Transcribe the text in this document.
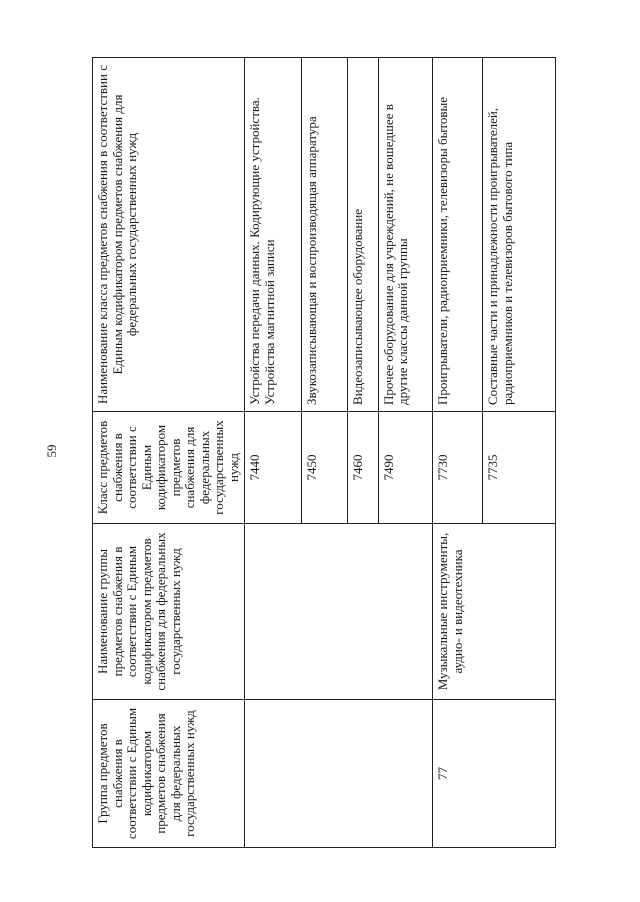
59
Группа предметов снабжения в соответствии с Единым кодификатором предметов снабжения для федеральных государственных нужд	Наименование группы предметов снабжения в соответствии с Единым кодификатором предметов снабжения для федеральных государственных нужд	Класс предметов снабжения в соответствии с Единым кодификатором предметов снабжения для федеральных государственных нужд	Наименование класса предметов снабжения в соответствии с Единым кодификатором предметов снабжения для федеральных государственных нужд
		7440	Устройства передачи данных. Кодирующие устройства. Устройства магнитной записи
		7450	Звукозаписывающая и воспроизводящая аппаратура
		7460	Видеозаписывающее оборудование
		7490	Прочее оборудование для учреждений, не вошедшее в другие классы данной группы
77	Музыкальные инструменты, аудио- и видеотехника	7730	Проигрыватели, радиоприемники, телевизоры бытовые
		7735	Составные части и принадлежности проигрывателей, радиоприемников и телевизоров бытового типа
